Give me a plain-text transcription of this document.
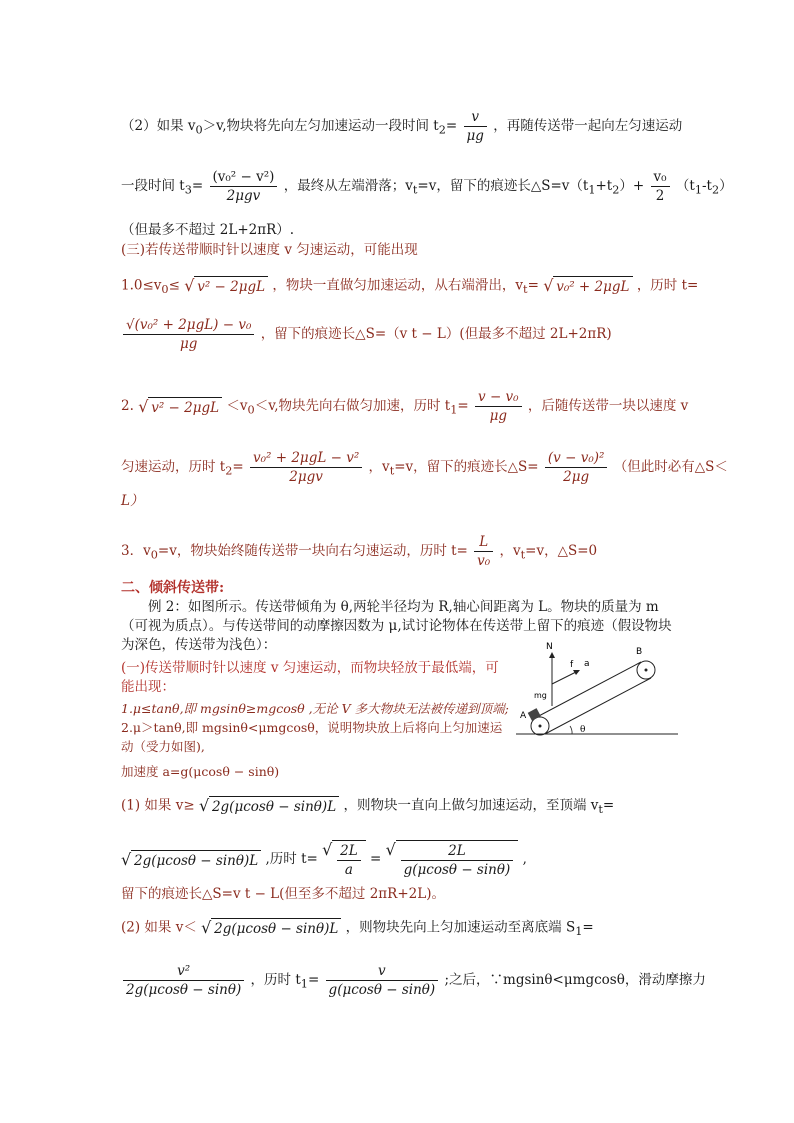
（2）如果 $v_0>v$,物块将先向左匀加速运动一段时间 $t_2= \frac{v}{\mu g}$ ，再随传送带一起向左匀速运动
一段时间 $t_3= \frac{\text{(v₀² − v²)}}{\text{2μgv}}$ ，最终从左端滑落；$v_t=v$，留下的痕迹长$\triangle S=v(t_1+t_2)+ \frac{\text{v₀}}{2} (t_1-t_2)$
（但最多不超过 2L+2πR）.
(三)若传送带顺时针以速度 v 匀速运动，可能出现
$1.0\le v_0\le$ √ v² − 2μgL ，物块一直做匀加速运动，从右端滑出，$v_t=$ √ v₀² + 2μgL ，历时 t=
$\frac{\text{√(v₀² + 2μgL) − v₀}}{\mu g}$ ，留下的痕迹长△S=（v t − L）(但最多不超过 2L+2πR)
2. √ $v^2 - 2\mu gL <v_0<v$,物块先向右做匀加速，历时 $t_1= \frac{\text{v − v₀}}{\mu g}$ ，后随传送带一块以速度 v
匀速运动，历时 $t_2= \frac{\text{v₀² + 2μgL − v²}}{\text{2μgv}}$ ，$v_t=v$，留下的痕迹长△S= $\frac{\text{(v − v₀)²}}{2\mu g}$ （但此时必有△S＜
L）
3．$v_0=v$，物块始终随传送带一块向右匀速运动，历时 $t= \frac{L}{\text{v₀}}$ ，$v_t=v$，△S=0
二、倾斜传送带:
例 2：如图所示。传送带倾角为 θ,两轮半径均为 R,轴心间距离为 L。物块的质量为 m（可视为质点）。与传送带间的动摩擦因数为 μ,试讨论物体在传送带上留下的痕迹（假设物块为深色，传送带为浅色）：
(一)传送带顺时针以速度 v 匀速运动，而物块轻放于最低端，可能出现：
1.μ≤tanθ,即 mgsinθ≥mgcosθ ,无论 V 多大物块无法被传递到顶端;
2.μ＞tanθ,即 mgsinθ<μmgcosθ，说明物块放上后将向上匀加速运动（受力如图),
加速度 a=g(μcosθ − sinθ)
N
f a
mg
A
B
θ
(1) 如果 v≥ √ 2g(μcosθ − sinθ)L ，则物块一直向上做匀加速运动，至顶端 $v_t=$
√ 2g(μcosθ − sinθ)L ,历时 t= √ $\frac{2L}{a}$ = √ $\frac{2L}{g(\mu\cos\theta - \sin\theta)}$ ,
留下的痕迹长△S=v t − L(但至多不超过 2πR+2L)。
(2) 如果 v＜ √ 2g(μcosθ − sinθ)L ，则物块先向上匀加速运动至离底端 $S_1=$
$\frac{\text{v²}}{2g(\mu\cos\theta - \sin\theta)}$ ，历时 $t_1= \frac{v}{g(\mu\cos\theta - \sin\theta)}$ ;之后，∵mgsinθ<μmgcosθ，滑动摩擦力
